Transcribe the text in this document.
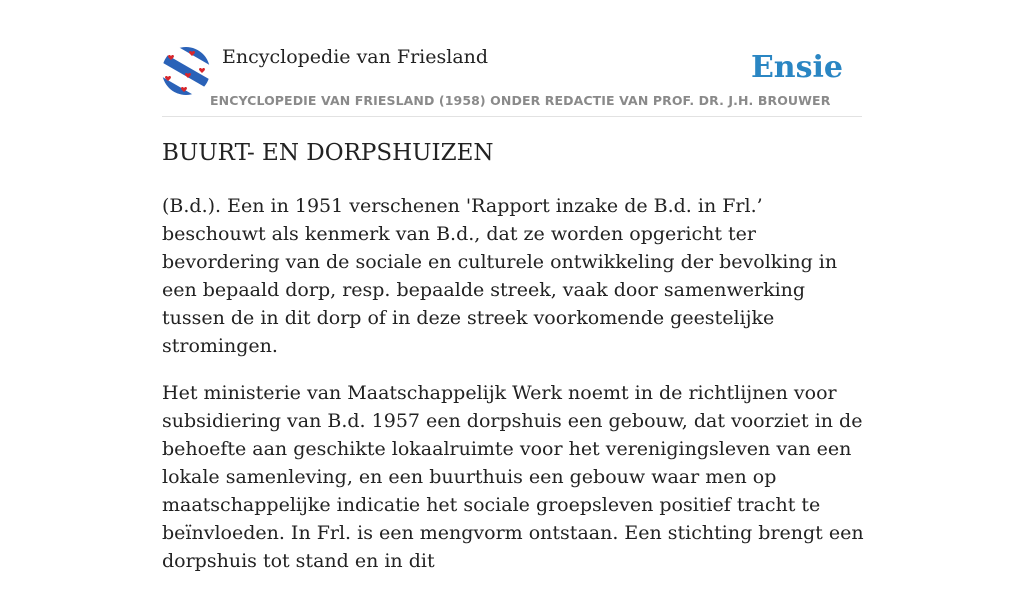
Encyclopedie van Friesland
ENCYCLOPEDIE VAN FRIESLAND (1958) ONDER REDACTIE VAN PROF. DR. J.H. BROUWER
Ensie
BUURT- EN DORPSHUIZEN

(B.d.). Een in 1951 verschenen 'Rapport inzake de B.d. in Frl.’ beschouwt als kenmerk van B.d., dat ze worden opgericht ter bevordering van de sociale en culturele ontwikkeling der bevolking in een bepaald dorp, resp. bepaalde streek, vaak door samenwerking tussen de in dit dorp of in deze streek voorkomende geestelijke stromingen.

Het ministerie van Maatschappelijk Werk noemt in de richtlijnen voor subsidiering van B.d. 1957 een dorpshuis een gebouw, dat voorziet in de behoefte aan geschikte lokaalruimte voor het verenigingsleven van een lokale samenleving, en een buurthuis een gebouw waar men op maatschappelijke indicatie het sociale groepsleven positief tracht te beïnvloeden. In Frl. is een mengvorm ontstaan. Een stichting brengt een dorpshuis tot stand en in dit
